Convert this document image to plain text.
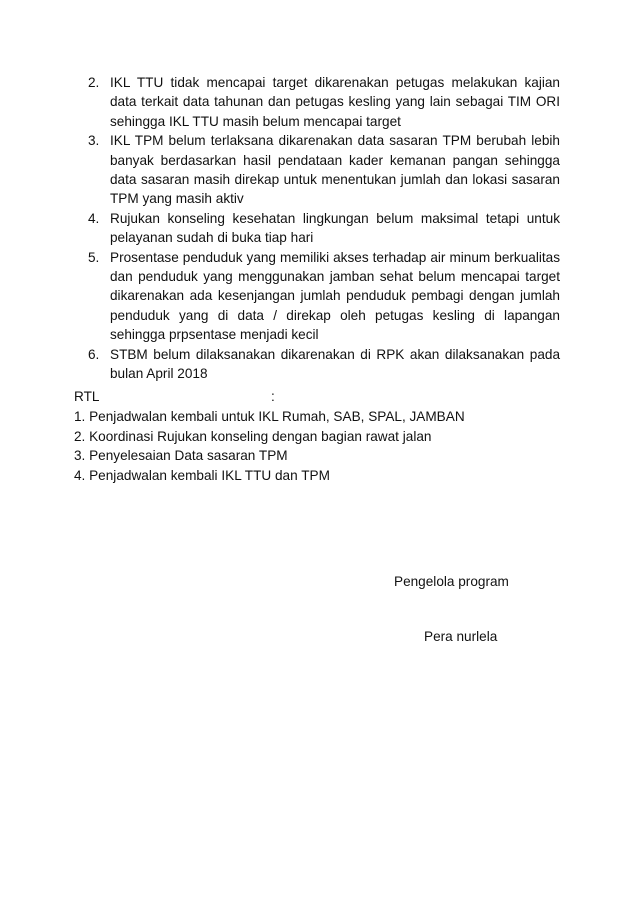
2. IKL TTU tidak mencapai target dikarenakan petugas melakukan kajian data terkait data tahunan dan petugas kesling yang lain sebagai TIM ORI sehingga IKL TTU masih belum mencapai target
3. IKL TPM belum terlaksana dikarenakan data sasaran TPM berubah lebih banyak berdasarkan hasil pendataan kader kemanan pangan sehingga data sasaran masih direkap untuk menentukan jumlah dan lokasi sasaran TPM yang masih aktiv
4. Rujukan konseling kesehatan lingkungan belum maksimal tetapi untuk pelayanan sudah di buka tiap hari
5. Prosentase penduduk yang memiliki akses terhadap air minum berkualitas dan penduduk yang menggunakan jamban sehat belum mencapai target dikarenakan ada kesenjangan jumlah penduduk pembagi dengan jumlah penduduk yang di data / direkap oleh petugas kesling di lapangan sehingga prpsentase menjadi kecil
6. STBM belum dilaksanakan dikarenakan di RPK akan dilaksanakan pada bulan April 2018
RTL	:
1. Penjadwalan kembali untuk IKL Rumah, SAB, SPAL, JAMBAN
2. Koordinasi Rujukan konseling dengan bagian rawat jalan
3. Penyelesaian Data sasaran TPM
4. Penjadwalan kembali IKL TTU dan TPM
Pengelola program
Pera nurlela
